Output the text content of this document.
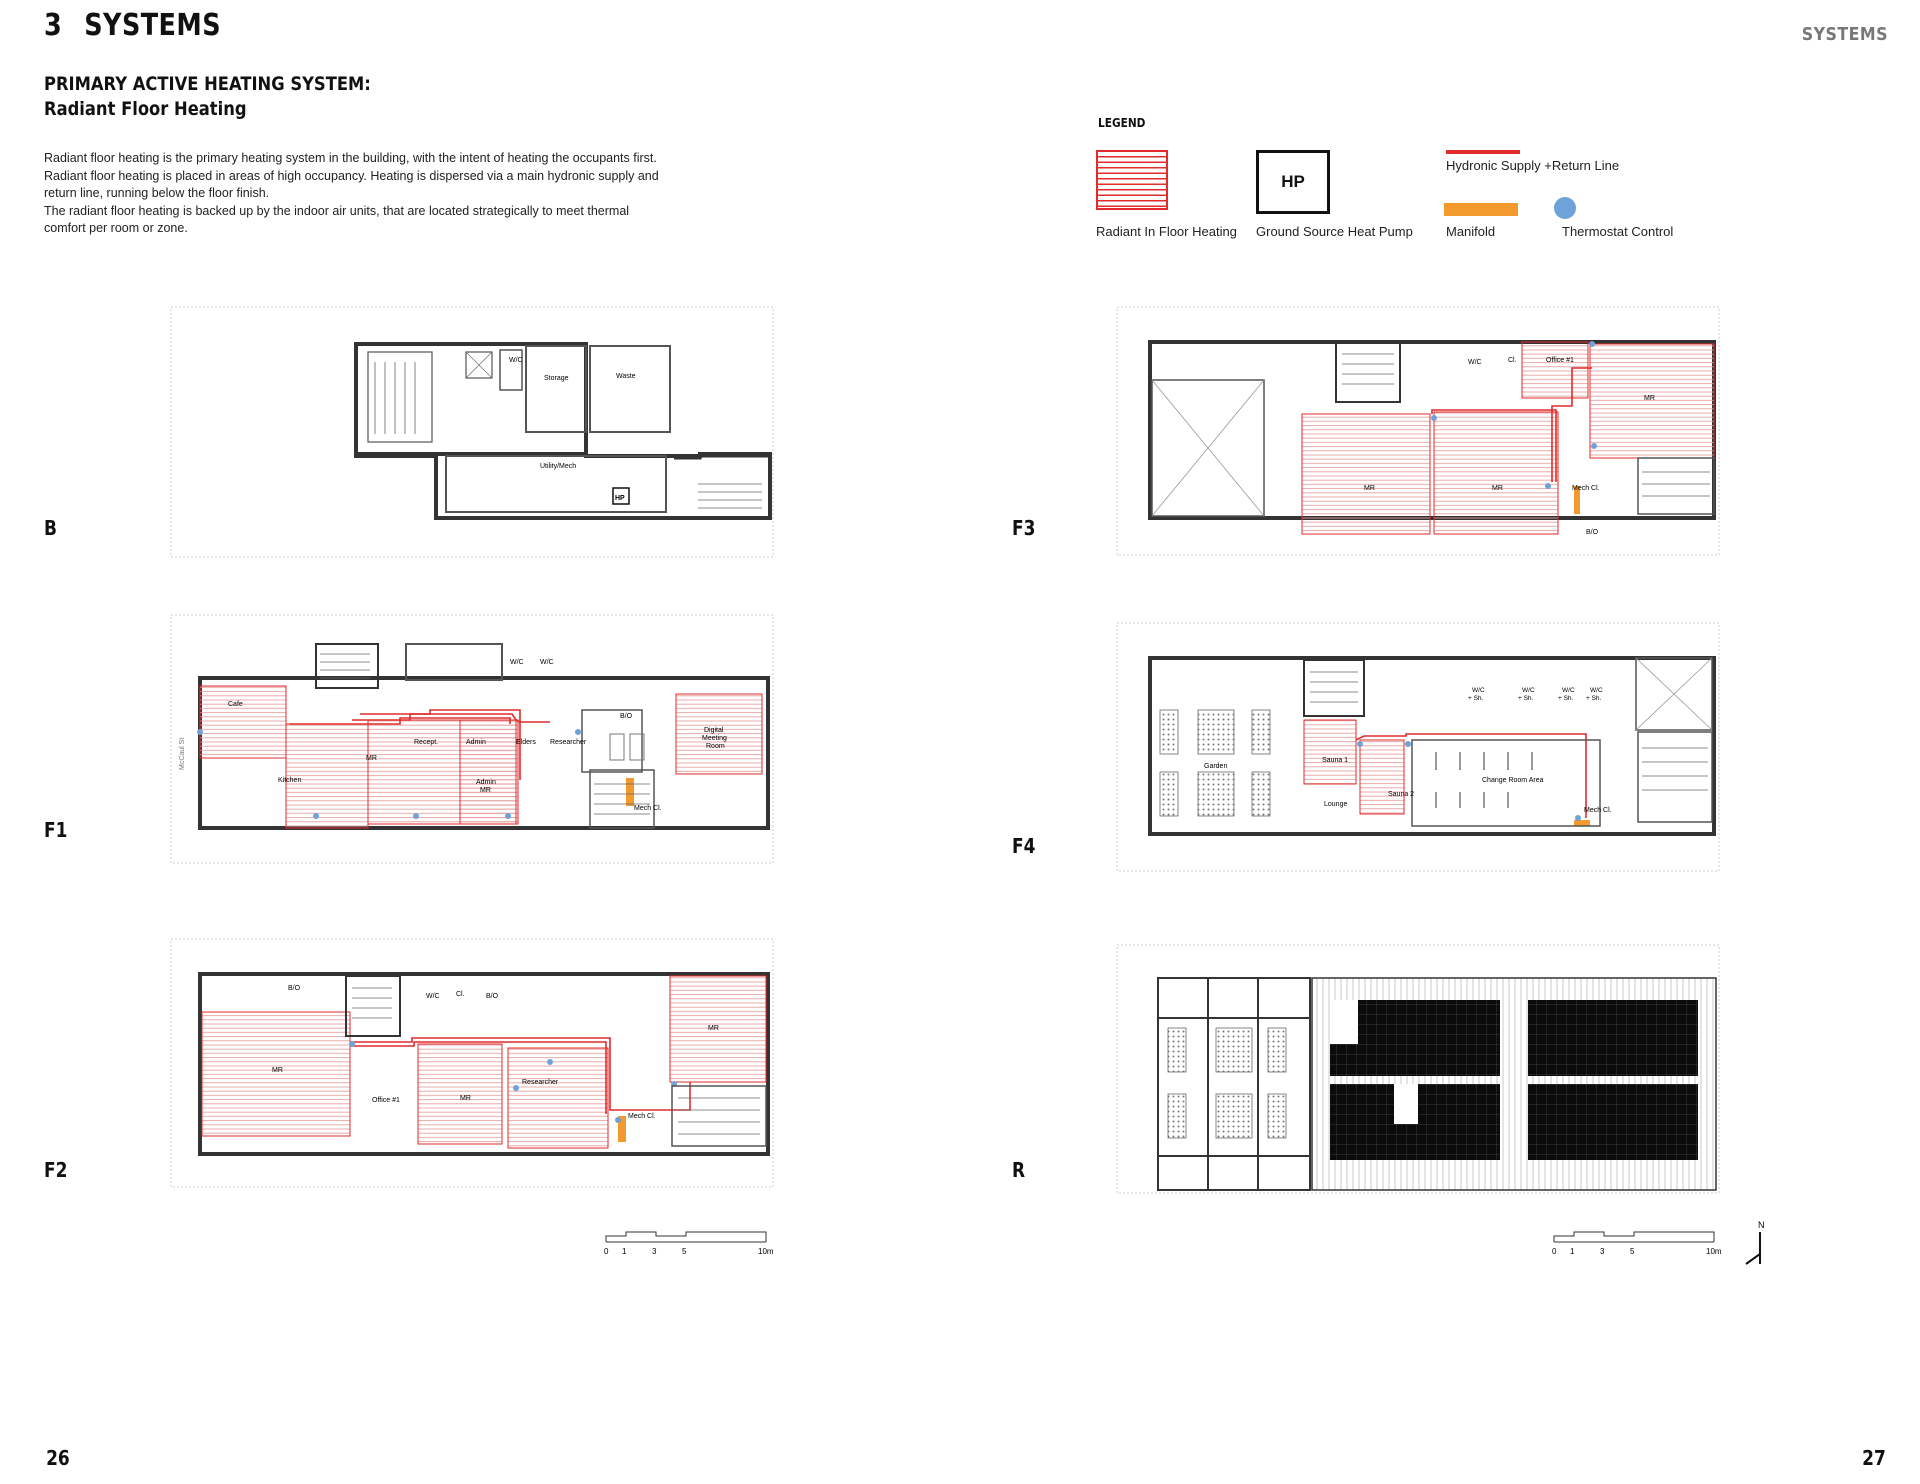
3 SYSTEMS	SYSTEMS
PRIMARY ACTIVE HEATING SYSTEM:
Radiant Floor Heating
Radiant floor heating is the primary heating system in the building, with the intent of heating the occupants first.
Radiant floor heating is placed in areas of high occupancy. Heating is dispersed via a main hydronic supply and
return line, running below the floor finish.
The radiant floor heating is backed up by the indoor air units, that are located strategically to meet thermal
comfort per room or zone.
LEGEND
Radiant In Floor Heating
HP
Ground Source Heat Pump
Hydronic Supply +Return Line
Manifold	Thermostat Control
B
F1
F2
F3
F4
R
W/C
Storage	Waste
Utility/Mech
HP
Cafe
Kitchen
MR
Recept.	Admin	Elders Researcher
Admin
MR
Mech Cl.
B/O
Digital
Meeting
Room
W/C W/C
McCaul St
B/O
W/C Cl.	B/O
MR
MR
Office #1	MR
Researcher
Mech Cl.
W/C	Cl.	Office #1
MR
MR	MR	Mech Cl.
B/O
W/C
+ Sh.
W/C
+ Sh.
W/C
+ Sh.
W/C
+ Sh.
Garden
Sauna 1
Sauna 2
Lounge
Change Room Area
Mech Cl.
0 1	3	5	10m	0 1	3	5	10m
N
26	27
